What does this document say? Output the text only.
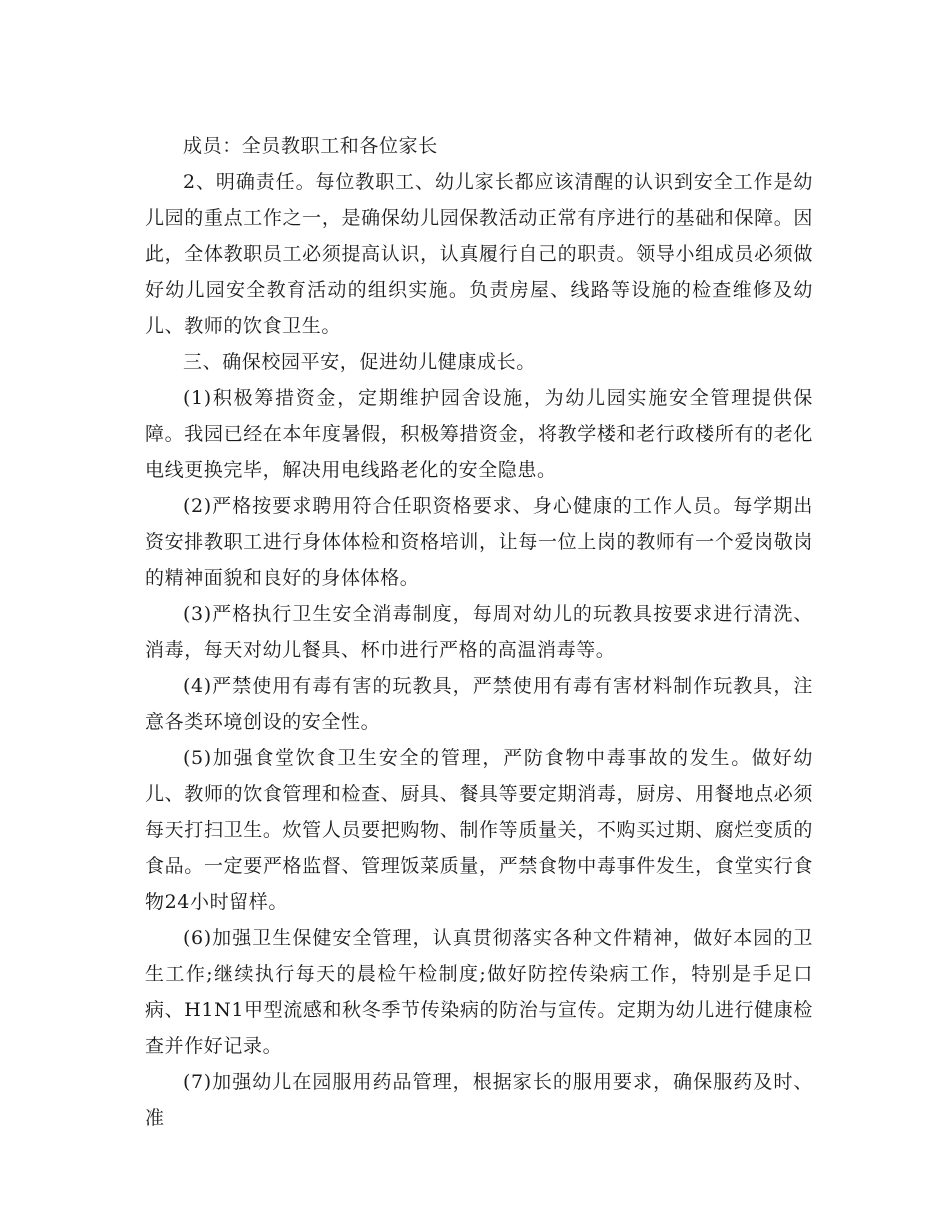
成员：全员教职工和各位家长

2、明确责任。每位教职工、幼儿家长都应该清醒的认识到安全工作是幼儿园的重点工作之一，是确保幼儿园保教活动正常有序进行的基础和保障。因此，全体教职员工必须提高认识，认真履行自己的职责。领导小组成员必须做好幼儿园安全教育活动的组织实施。负责房屋、线路等设施的检查维修及幼儿、教师的饮食卫生。

三、确保校园平安，促进幼儿健康成长。

(1)积极筹措资金，定期维护园舍设施，为幼儿园实施安全管理提供保障。我园已经在本年度暑假，积极筹措资金，将教学楼和老行政楼所有的老化电线更换完毕，解决用电线路老化的安全隐患。

(2)严格按要求聘用符合任职资格要求、身心健康的工作人员。每学期出资安排教职工进行身体体检和资格培训，让每一位上岗的教师有一个爱岗敬岗的精神面貌和良好的身体体格。

(3)严格执行卫生安全消毒制度，每周对幼儿的玩教具按要求进行清洗、消毒，每天对幼儿餐具、杯巾进行严格的高温消毒等。

(4)严禁使用有毒有害的玩教具，严禁使用有毒有害材料制作玩教具，注意各类环境创设的安全性。

(5)加强食堂饮食卫生安全的管理，严防食物中毒事故的发生。做好幼儿、教师的饮食管理和检查、厨具、餐具等要定期消毒，厨房、用餐地点必须每天打扫卫生。炊管人员要把购物、制作等质量关，不购买过期、腐烂变质的食品。一定要严格监督、管理饭菜质量，严禁食物中毒事件发生，食堂实行食物24小时留样。

(6)加强卫生保健安全管理，认真贯彻落实各种文件精神，做好本园的卫生工作;继续执行每天的晨检午检制度;做好防控传染病工作，特别是手足口病、H1N1甲型流感和秋冬季节传染病的防治与宣传。定期为幼儿进行健康检查并作好记录。

(7)加强幼儿在园服用药品管理，根据家长的服用要求，确保服药及时、准
